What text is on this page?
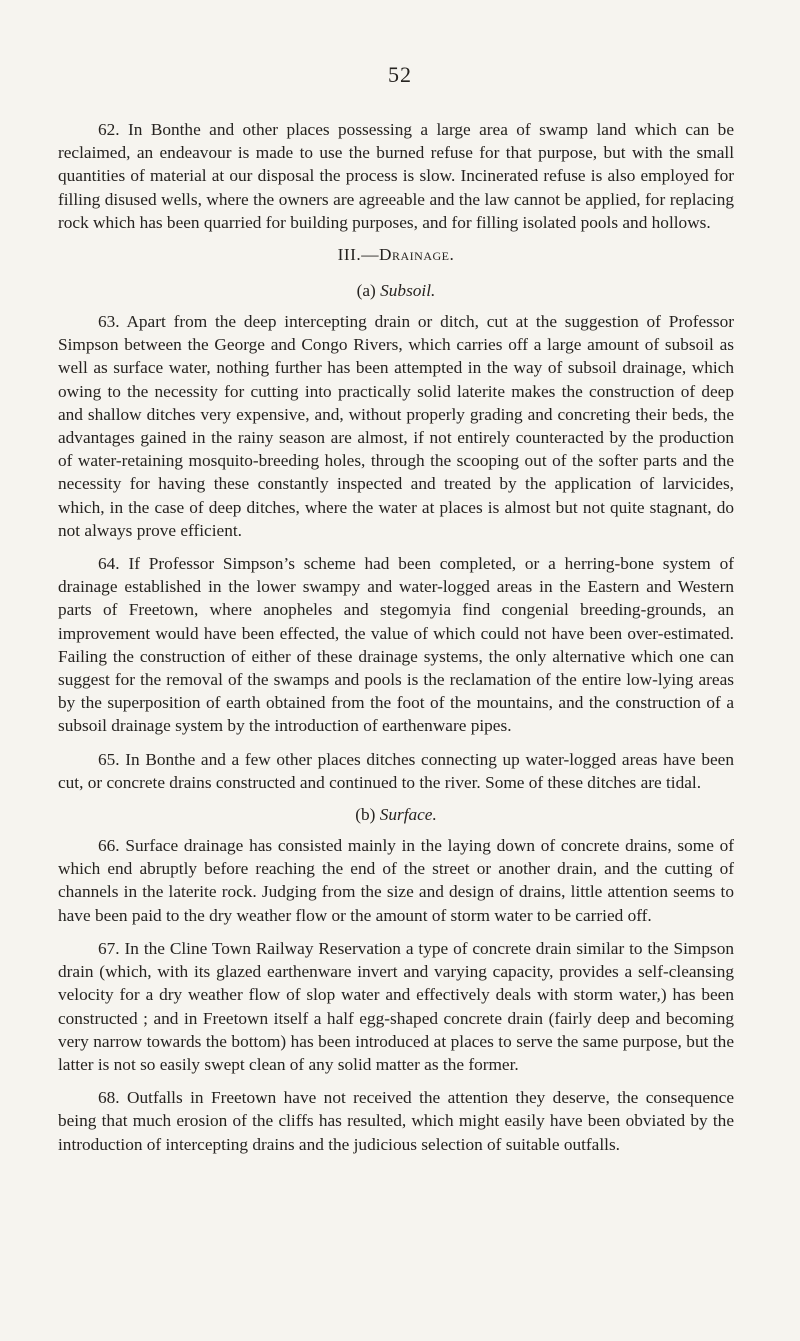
52

62. In Bonthe and other places possessing a large area of swamp land which can be reclaimed, an endeavour is made to use the burned refuse for that purpose, but with the small quantities of material at our disposal the process is slow. Incinerated refuse is also employed for filling disused wells, where the owners are agreeable and the law cannot be applied, for replacing rock which has been quarried for building purposes, and for filling isolated pools and hollows.

III.—Drainage.
(a) Subsoil.

63. Apart from the deep intercepting drain or ditch, cut at the suggestion of Professor Simpson between the George and Congo Rivers, which carries off a large amount of subsoil as well as surface water, nothing further has been attempted in the way of subsoil drainage, which owing to the necessity for cutting into practically solid laterite makes the construction of deep and shallow ditches very expensive, and, without properly grading and concreting their beds, the advantages gained in the rainy season are almost, if not entirely counteracted by the production of water-retaining mosquito-breeding holes, through the scooping out of the softer parts and the necessity for having these constantly inspected and treated by the application of larvicides, which, in the case of deep ditches, where the water at places is almost but not quite stagnant, do not always prove efficient.

64. If Professor Simpson’s scheme had been completed, or a herring-bone system of drainage established in the lower swampy and water-logged areas in the Eastern and Western parts of Freetown, where anopheles and stegomyia find congenial breeding-grounds, an improvement would have been effected, the value of which could not have been over-estimated. Failing the construction of either of these drainage systems, the only alternative which one can suggest for the removal of the swamps and pools is the reclamation of the entire low-lying areas by the superposition of earth obtained from the foot of the mountains, and the construction of a subsoil drainage system by the introduction of earthenware pipes.

65. In Bonthe and a few other places ditches connecting up water-logged areas have been cut, or concrete drains constructed and continued to the river. Some of these ditches are tidal.

(b) Surface.

66. Surface drainage has consisted mainly in the laying down of concrete drains, some of which end abruptly before reaching the end of the street or another drain, and the cutting of channels in the laterite rock. Judging from the size and design of drains, little attention seems to have been paid to the dry weather flow or the amount of storm water to be carried off.

67. In the Cline Town Railway Reservation a type of concrete drain similar to the Simpson drain (which, with its glazed earthenware invert and varying capacity, provides a self-cleansing velocity for a dry weather flow of slop water and effectively deals with storm water,) has been constructed ; and in Freetown itself a half egg-shaped concrete drain (fairly deep and becoming very narrow towards the bottom) has been introduced at places to serve the same purpose, but the latter is not so easily swept clean of any solid matter as the former.

68. Outfalls in Freetown have not received the attention they deserve, the consequence being that much erosion of the cliffs has resulted, which might easily have been obviated by the introduction of intercepting drains and the judicious selection of suitable outfalls.
